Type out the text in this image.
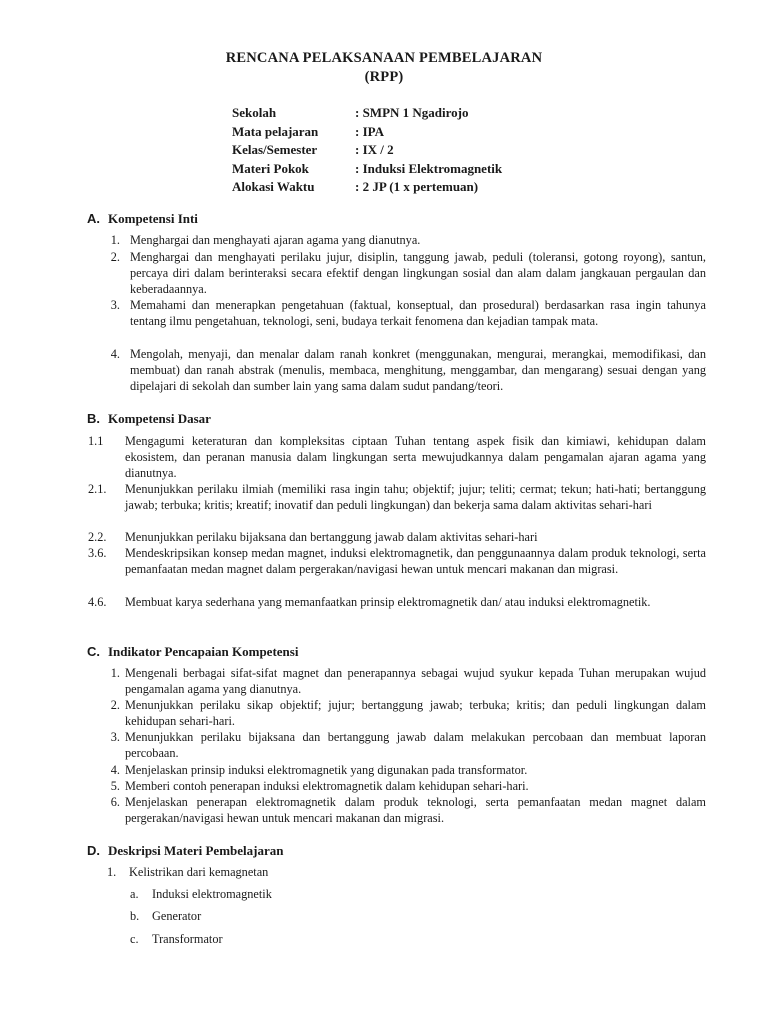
RENCANA PELAKSANAAN PEMBELAJARAN
(RPP)
Sekolah	: SMPN 1 Ngadirojo
Mata pelajaran	: IPA
Kelas/Semester	: IX / 2
Materi Pokok	: Induksi Elektromagnetik
Alokasi Waktu	: 2 JP (1 x pertemuan)
A. Kompetensi Inti
1. Menghargai dan menghayati ajaran agama yang dianutnya.
2. Menghargai dan menghayati perilaku jujur, disiplin, tanggung jawab, peduli (toleransi, gotong royong), santun, percaya diri dalam berinteraksi secara efektif dengan lingkungan sosial dan alam dalam jangkauan pergaulan dan keberadaannya.
3. Memahami dan menerapkan pengetahuan (faktual, konseptual, dan prosedural) berdasarkan rasa ingin tahunya tentang ilmu pengetahuan, teknologi, seni, budaya terkait fenomena dan kejadian tampak mata.
4. Mengolah, menyaji, dan menalar dalam ranah konkret (menggunakan, mengurai, merangkai, memodifikasi, dan membuat) dan ranah abstrak (menulis, membaca, menghitung, menggambar, dan mengarang) sesuai dengan yang dipelajari di sekolah dan sumber lain yang sama dalam sudut pandang/teori.
B. Kompetensi Dasar
1.1	Mengagumi keteraturan dan kompleksitas ciptaan Tuhan tentang aspek fisik dan kimiawi, kehidupan dalam ekosistem, dan peranan manusia dalam lingkungan serta mewujudkannya dalam pengamalan ajaran agama yang dianutnya.
2.1.	Menunjukkan perilaku ilmiah (memiliki rasa ingin tahu; objektif; jujur; teliti; cermat; tekun; hati-hati; bertanggung jawab; terbuka; kritis; kreatif; inovatif dan peduli lingkungan) dan bekerja sama dalam aktivitas sehari-hari
2.2.	Menunjukkan perilaku bijaksana dan bertanggung jawab dalam aktivitas sehari-hari
3.6.	Mendeskripsikan konsep medan magnet, induksi elektromagnetik, dan penggunaannya dalam produk teknologi, serta pemanfaatan medan magnet dalam pergerakan/navigasi hewan untuk mencari makanan dan migrasi.
4.6.	Membuat karya sederhana yang memanfaatkan prinsip elektromagnetik dan/ atau induksi elektromagnetik.
C. Indikator Pencapaian Kompetensi
1. Mengenali berbagai sifat-sifat magnet dan penerapannya sebagai wujud syukur kepada Tuhan merupakan wujud pengamalan agama yang dianutnya.
2. Menunjukkan perilaku sikap objektif; jujur; bertanggung jawab; terbuka; kritis; dan peduli lingkungan dalam kehidupan sehari-hari.
3. Menunjukkan perilaku bijaksana dan bertanggung jawab dalam melakukan percobaan dan membuat laporan percobaan.
4. Menjelaskan prinsip induksi elektromagnetik yang digunakan pada transformator.
5. Memberi contoh penerapan induksi elektromagnetik dalam kehidupan sehari-hari.
6. Menjelaskan penerapan elektromagnetik dalam produk teknologi, serta pemanfaatan medan magnet dalam pergerakan/navigasi hewan untuk mencari makanan dan migrasi.
D. Deskripsi Materi Pembelajaran
1. Kelistrikan dari kemagnetan
a. Induksi elektromagnetik
b. Generator
c. Transformator
